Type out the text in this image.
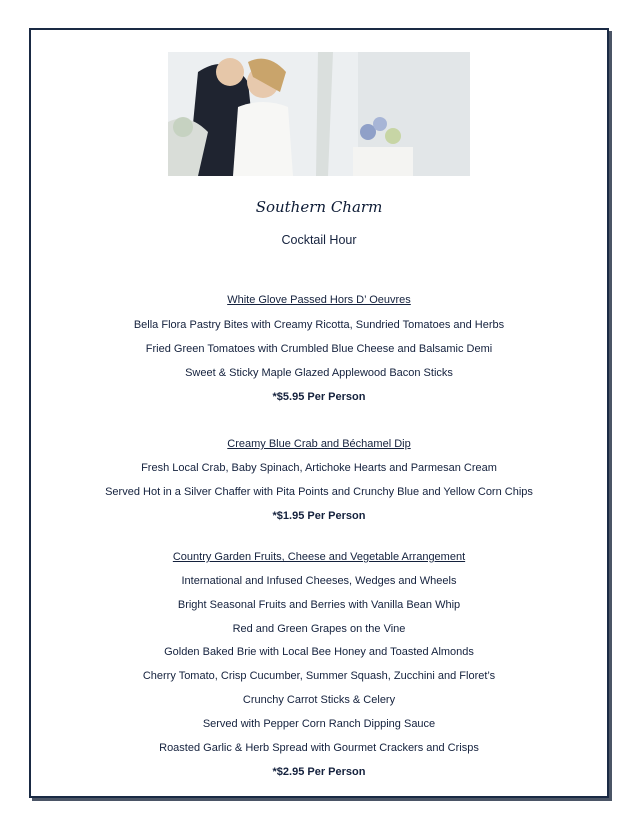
Southern Charm
Cocktail Hour
White Glove Passed Hors D’ Oeuvres
Bella Flora Pastry Bites with Creamy Ricotta, Sundried Tomatoes and Herbs
Fried Green Tomatoes with Crumbled Blue Cheese and Balsamic Demi
Sweet & Sticky Maple Glazed Applewood Bacon Sticks
*$5.95 Per Person
Creamy Blue Crab and Béchamel Dip
Fresh Local Crab, Baby Spinach, Artichoke Hearts and Parmesan Cream
Served Hot in a Silver Chaffer with Pita Points and Crunchy Blue and Yellow Corn Chips
*$1.95 Per Person
Country Garden Fruits, Cheese and Vegetable Arrangement
International and Infused Cheeses, Wedges and Wheels
Bright Seasonal Fruits and Berries with Vanilla Bean Whip
Red and Green Grapes on the Vine
Golden Baked Brie with Local Bee Honey and Toasted Almonds
Cherry Tomato, Crisp Cucumber, Summer Squash, Zucchini and Floret’s
Crunchy Carrot Sticks & Celery
Served with Pepper Corn Ranch Dipping Sauce
Roasted Garlic & Herb Spread with Gourmet Crackers and Crisps
*$2.95 Per Person
